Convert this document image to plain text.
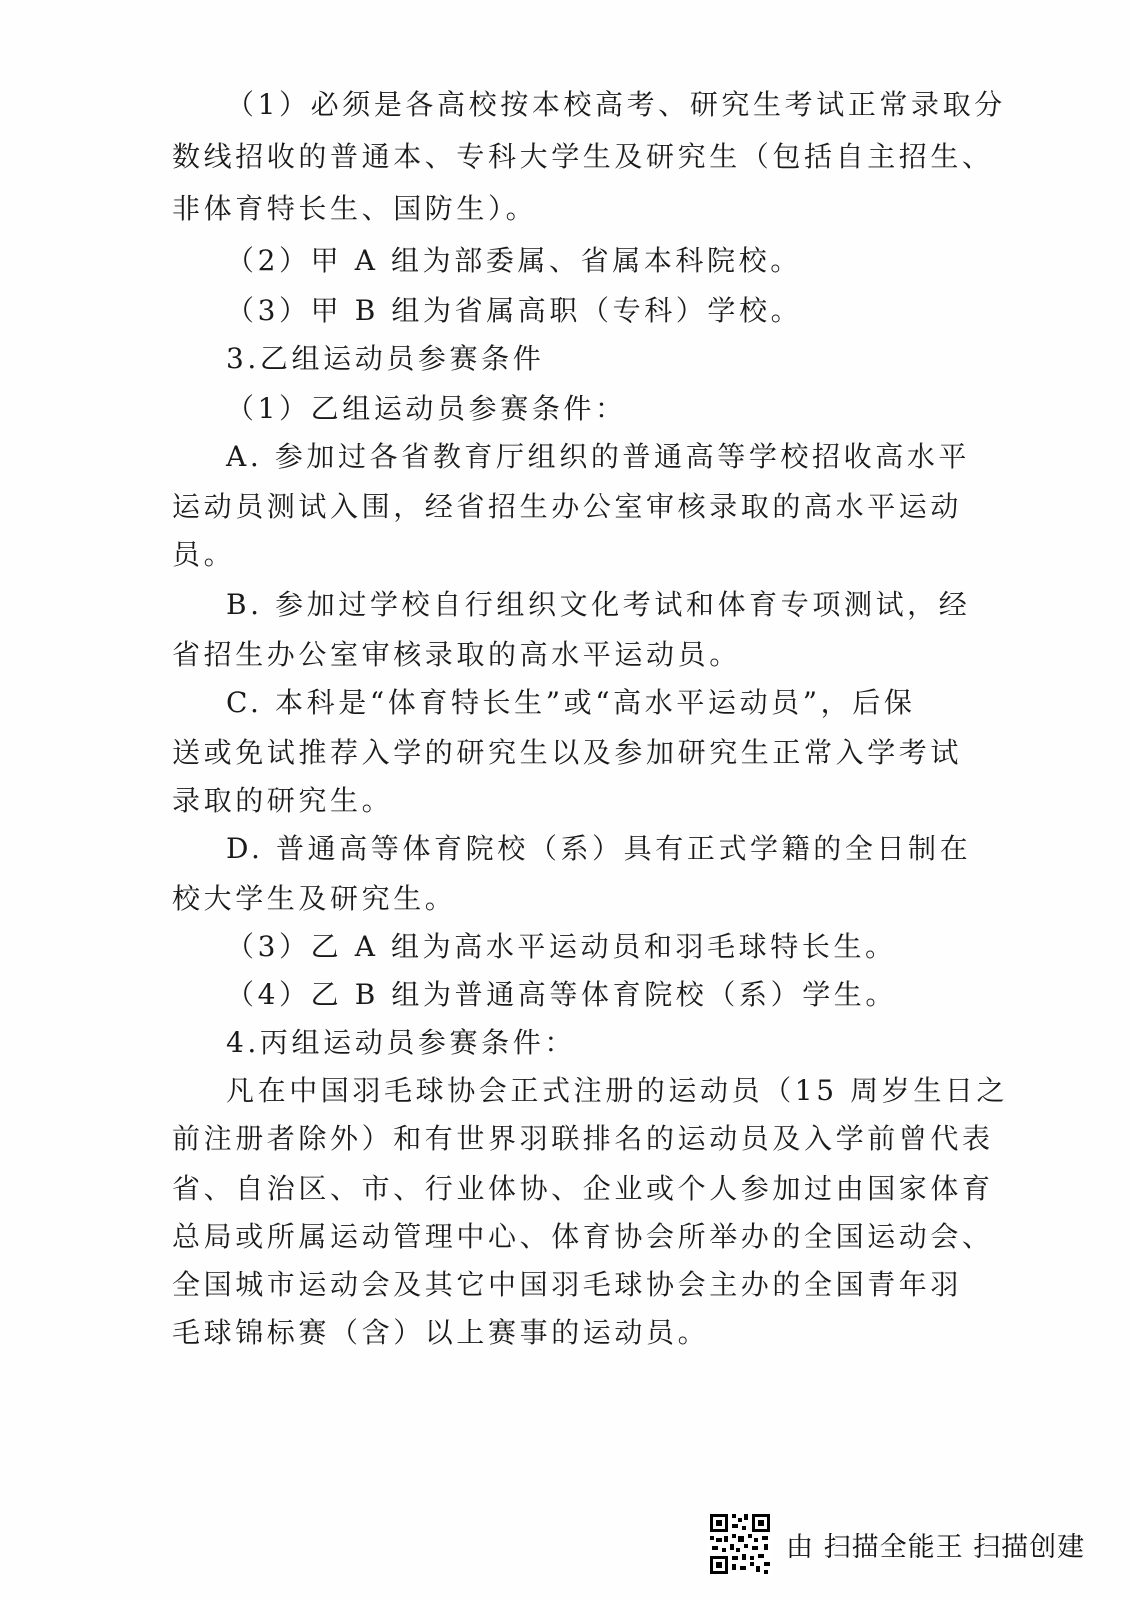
（1）必须是各高校按本校高考、研究生考试正常录取分
数线招收的普通本、专科大学生及研究生（包括自主招生、
非体育特长生、国防生）。
（2）甲 A 组为部委属、省属本科院校。
（3）甲 B 组为省属高职（专科）学校。
3.乙组运动员参赛条件
（1）乙组运动员参赛条件：
A. 参加过各省教育厅组织的普通高等学校招收高水平
运动员测试入围，经省招生办公室审核录取的高水平运动
员。
B. 参加过学校自行组织文化考试和体育专项测试，经
省招生办公室审核录取的高水平运动员。
C. 本科是“体育特长生”或“高水平运动员”，后保
送或免试推荐入学的研究生以及参加研究生正常入学考试
录取的研究生。
D. 普通高等体育院校（系）具有正式学籍的全日制在
校大学生及研究生。
（3）乙 A 组为高水平运动员和羽毛球特长生。
（4）乙 B 组为普通高等体育院校（系）学生。
4.丙组运动员参赛条件：
凡在中国羽毛球协会正式注册的运动员（15 周岁生日之
前注册者除外）和有世界羽联排名的运动员及入学前曾代表
省、自治区、市、行业体协、企业或个人参加过由国家体育
总局或所属运动管理中心、体育协会所举办的全国运动会、
全国城市运动会及其它中国羽毛球协会主办的全国青年羽
毛球锦标赛（含）以上赛事的运动员。
由 扫描全能王 扫描创建
